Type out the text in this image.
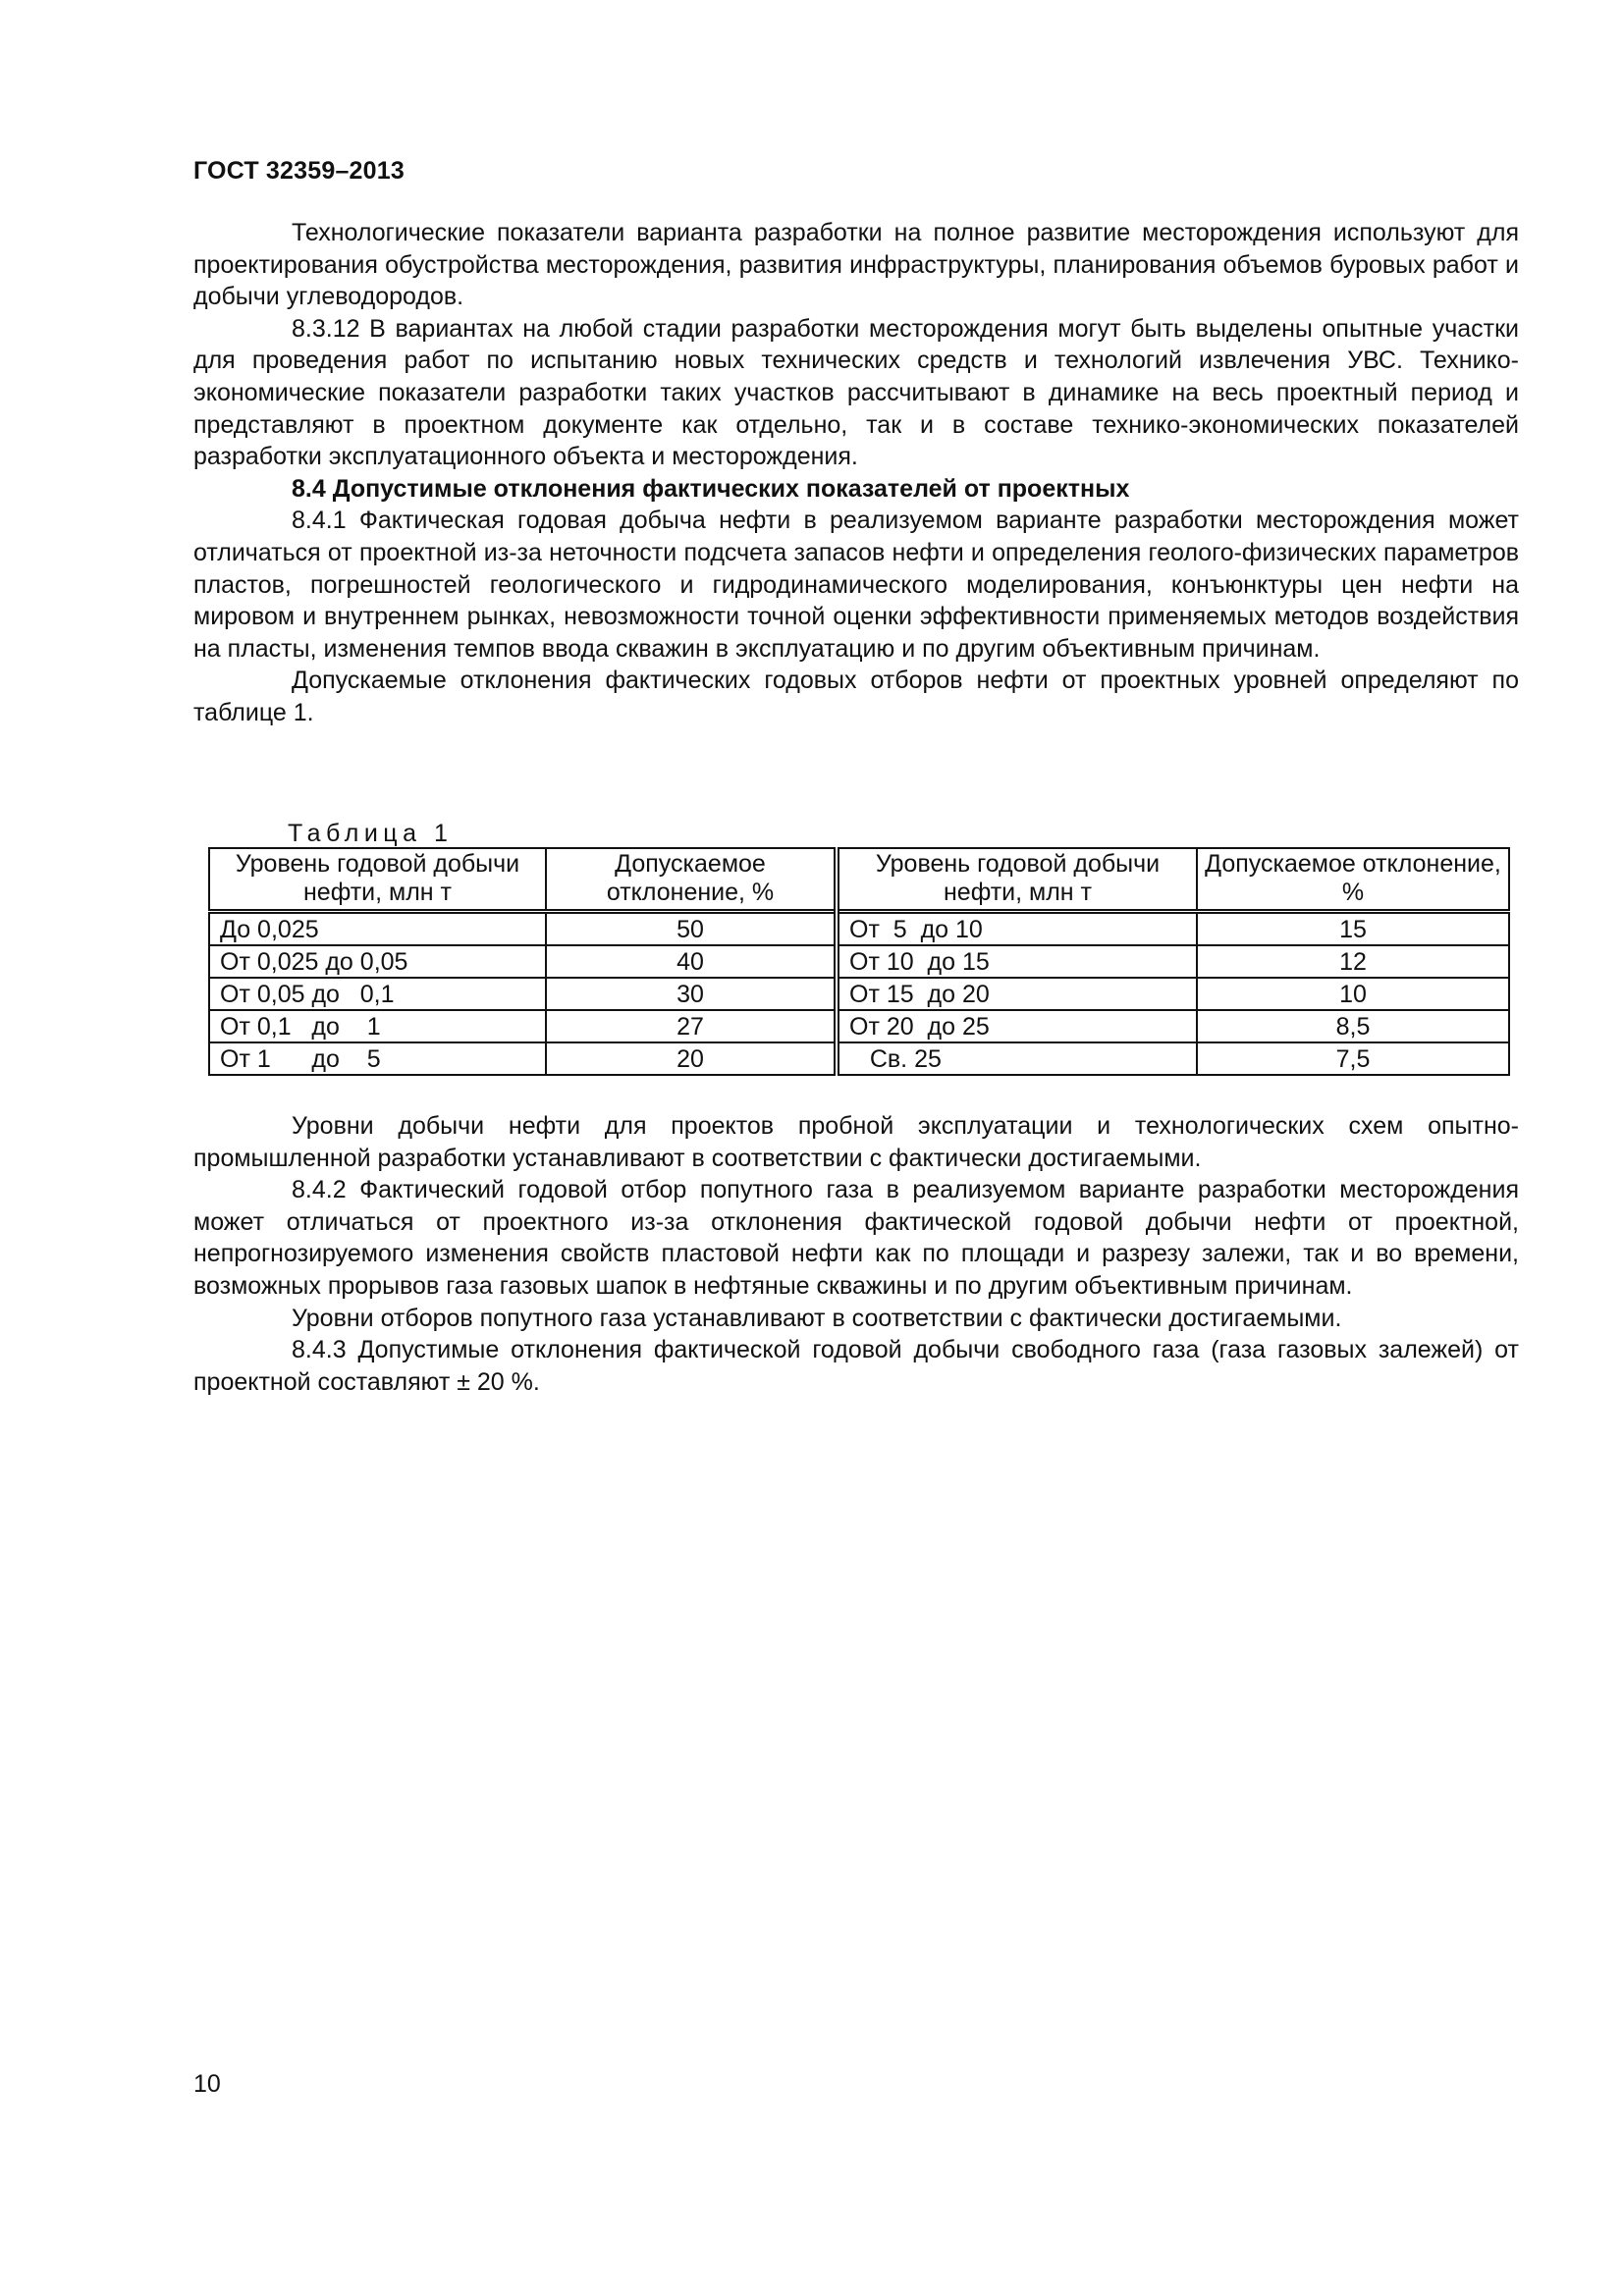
ГОСТ 32359–2013

Технологические показатели варианта разработки на полное развитие месторождения используют для проектирования обустройства месторождения, развития инфраструктуры, планирования объемов буровых работ и добычи углеводородов.

8.3.12 В вариантах на любой стадии разработки месторождения могут быть выделены опытные участки для проведения работ по испытанию новых технических средств и технологий извлечения УВС. Технико-экономические показатели разработки таких участков рассчитывают в динамике на весь проектный период и представляют в проектном документе как отдельно, так и в составе технико-экономических показателей разработки эксплуатационного объекта и месторождения.

8.4 Допустимые отклонения фактических показателей от проектных

8.4.1 Фактическая годовая добыча нефти в реализуемом варианте разработки месторождения может отличаться от проектной из-за неточности подсчета запасов нефти и определения геолого-физических параметров пластов, погрешностей геологического и гидродинамического моделирования, конъюнктуры цен нефти на мировом и внутреннем рынках, невозможности точной оценки эффективности применяемых методов воздействия на пласты, изменения темпов ввода скважин в эксплуатацию и по другим объективным причинам.

Допускаемые отклонения фактических годовых отборов нефти от проектных уровней определяют по таблице 1.

Таблица 1
Уровень годовой добычи нефти, млн т	Допускаемое отклонение, %	Уровень годовой добычи нефти, млн т	Допускаемое отклонение, %
До 0,025	50	От  5  до 10	15
От 0,025 до 0,05	40	От 10  до 15	12
От 0,05 до   0,1	30	От 15  до 20	10
От 0,1   до    1	27	От 20  до 25	8,5
От 1      до    5	20	Св. 25	7,5

Уровни добычи нефти для проектов пробной эксплуатации и технологических схем опытно-промышленной разработки устанавливают в соответствии с фактически достигаемыми.

8.4.2 Фактический годовой отбор попутного газа в реализуемом варианте разработки месторождения может отличаться от проектного из-за отклонения фактической годовой добычи нефти от проектной, непрогнозируемого изменения свойств пластовой нефти как по площади и разрезу залежи, так и во времени, возможных прорывов газа газовых шапок в нефтяные скважины и по другим объективным причинам.

Уровни отборов попутного газа устанавливают в соответствии с фактически достигаемыми.

8.4.3 Допустимые отклонения фактической годовой добычи свободного газа (газа газовых залежей) от проектной составляют ± 20 %.

10
